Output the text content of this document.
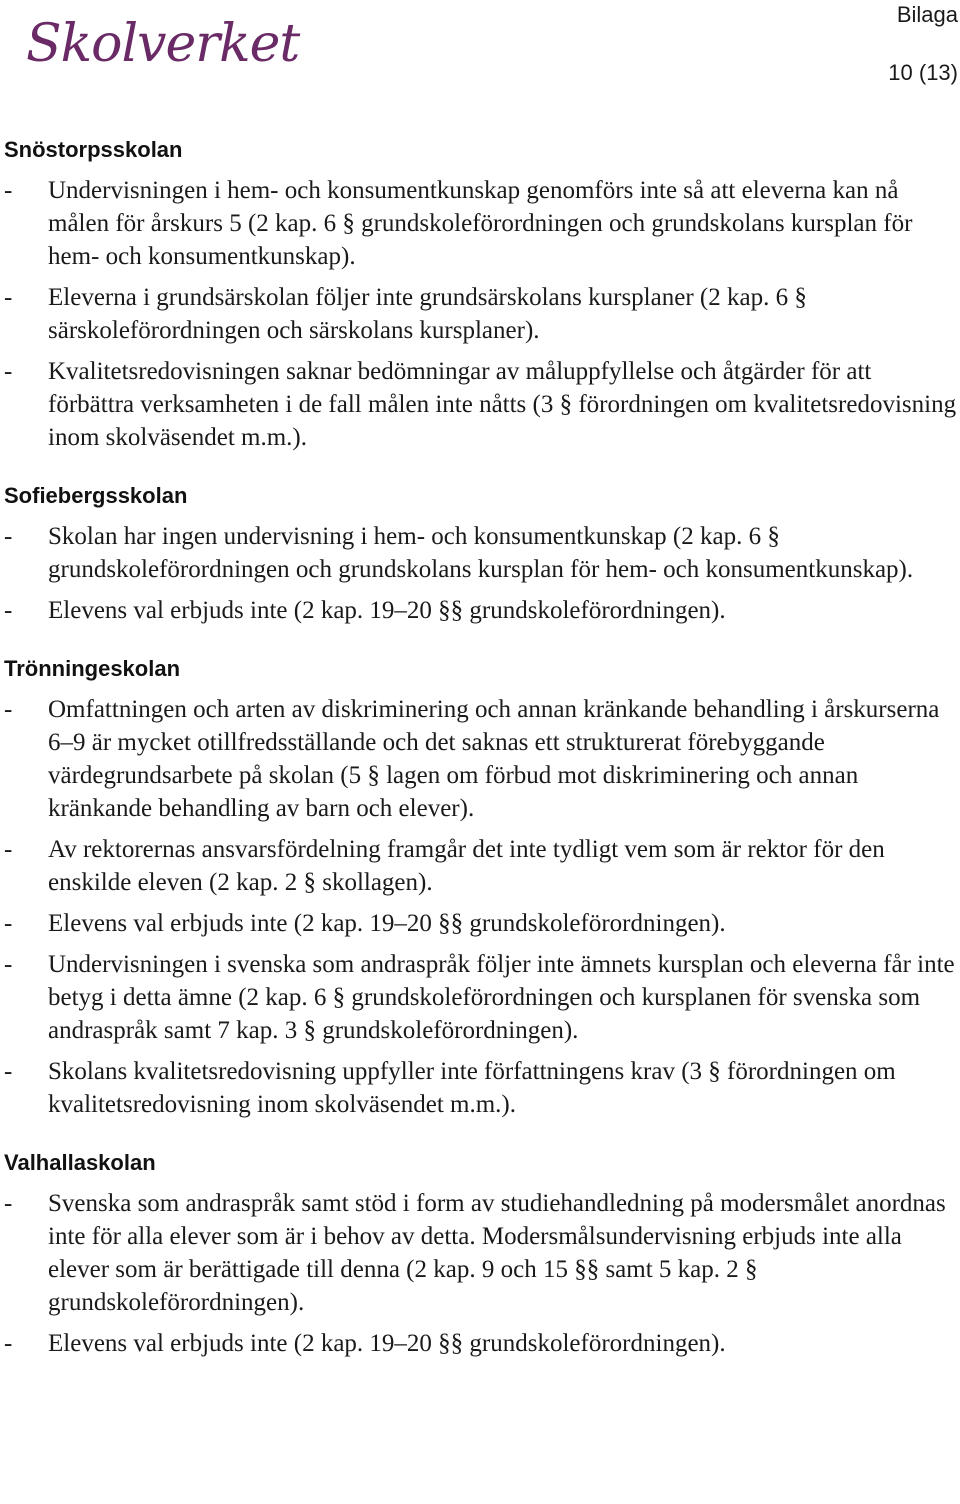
Skolverket	Bilaga
10 (13)
Snöstorpsskolan
- Undervisningen i hem- och konsumentkunskap genomförs inte så att eleverna kan nå målen för årskurs 5 (2 kap. 6 § grundskoleförordningen och grundskolans kursplan för hem- och konsumentkunskap).
- Eleverna i grundsärskolan följer inte grundsärskolans kursplaner (2 kap. 6 § särskoleförordningen och särskolans kursplaner).
- Kvalitetsredovisningen saknar bedömningar av måluppfyllelse och åtgärder för att förbättra verksamheten i de fall målen inte nåtts (3 § förordningen om kvalitetsredovisning inom skolväsendet m.m.).
Sofiebergsskolan
- Skolan har ingen undervisning i hem- och konsumentkunskap (2 kap. 6 § grundskoleförordningen och grundskolans kursplan för hem- och konsumentkunskap).
- Elevens val erbjuds inte (2 kap. 19–20 §§ grundskoleförordningen).
Trönningeskolan
- Omfattningen och arten av diskriminering och annan kränkande behandling i årskurserna 6–9 är mycket otillfredsställande och det saknas ett strukturerat förebyggande värdegrundsarbete på skolan (5 § lagen om förbud mot diskriminering och annan kränkande behandling av barn och elever).
- Av rektorernas ansvarsfördelning framgår det inte tydligt vem som är rektor för den enskilde eleven (2 kap. 2 § skollagen).
- Elevens val erbjuds inte (2 kap. 19–20 §§ grundskoleförordningen).
- Undervisningen i svenska som andraspråk följer inte ämnets kursplan och eleverna får inte betyg i detta ämne (2 kap. 6 § grundskoleförordningen och kursplanen för svenska som andraspråk samt 7 kap. 3 § grundskoleförordningen).
- Skolans kvalitetsredovisning uppfyller inte författningens krav (3 § förordningen om kvalitetsredovisning inom skolväsendet m.m.).
Valhallaskolan
- Svenska som andraspråk samt stöd i form av studiehandledning på modersmålet anordnas inte för alla elever som är i behov av detta. Modersmålsundervisning erbjuds inte alla elever som är berättigade till denna (2 kap. 9 och 15 §§ samt 5 kap. 2 § grundskoleförordningen).
- Elevens val erbjuds inte (2 kap. 19–20 §§ grundskoleförordningen).
